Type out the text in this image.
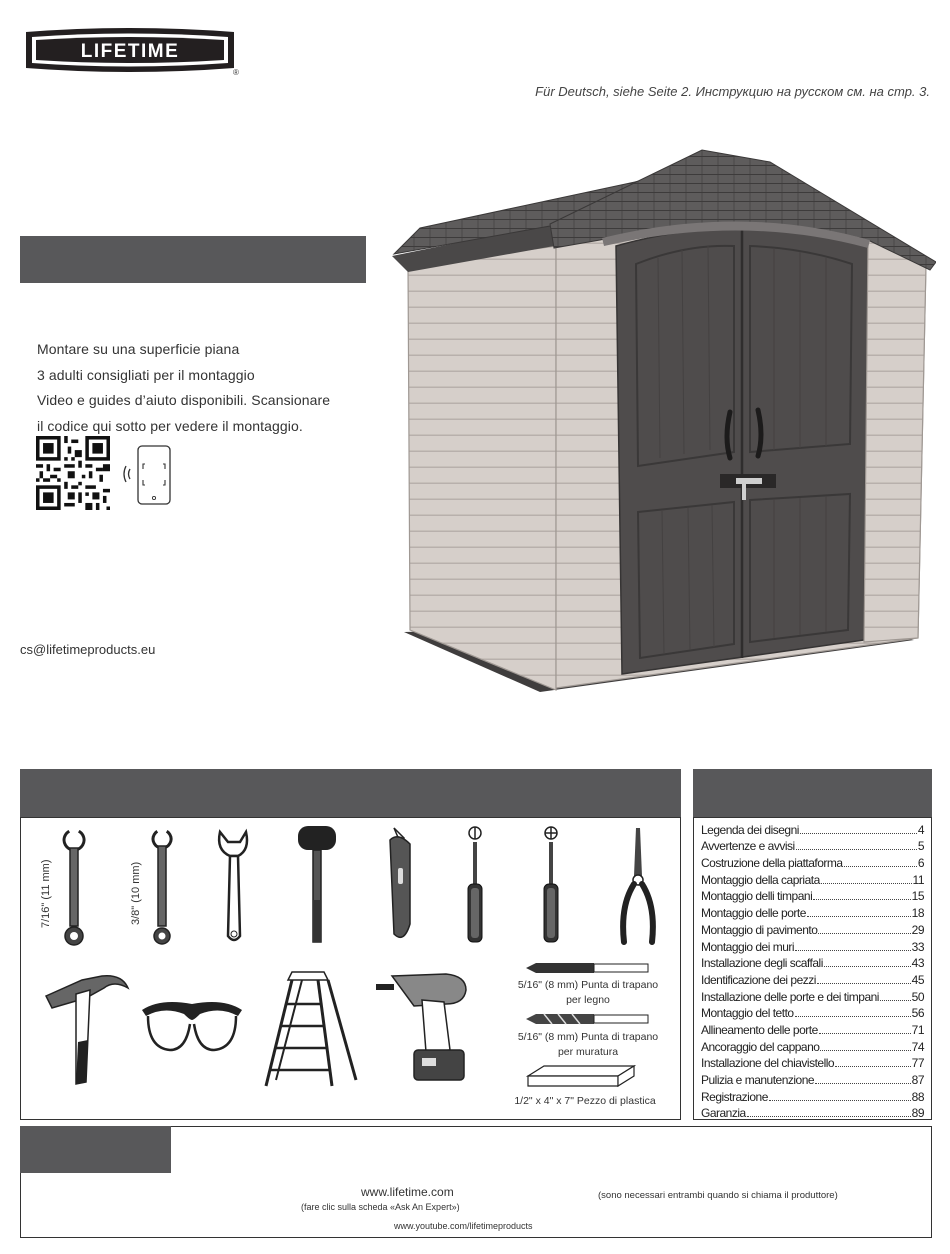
LIFETIME
®
Für Deutsch, siehe Seite 2. Инструкцию на русском см. на стр. 3.
Montare su una superficie piana
3 adulti consigliati per il montaggio
Video e guides d’aiuto disponibili. Scansionare
il codice qui sotto per vedere il montaggio.
cs@lifetimeproducts.eu
7/16" (11 mm)	3/8" (10 mm)
5/16" (8 mm) Punta di trapano
per legno
5/16" (8 mm) Punta di trapano
per muratura
1/2" x 4" x 7" Pezzo di plastica
Legenda dei disegni	4
Avvertenze e avvisi	5
Costruzione della piattaforma	6
Montaggio della capriata	11
Montaggio delli timpani	15
Montaggio delle porte	18
Montaggio di pavimento	29
Montaggio dei muri	33
Installazione degli scaffali	43
Identificazione dei pezzi	45
Installazione delle porte e dei timpani	50
Montaggio del tetto	56
Allineamento delle porte	71
Ancoraggio del cappano	74
Installazione del chiavistello	77
Pulizia e manutenzione	87
Registrazione	88
Garanzia	89
www.lifetime.com
(fare clic sulla scheda «Ask An Expert»)
(sono necessari entrambi quando si chiama il produttore)
www.youtube.com/lifetimeproducts
